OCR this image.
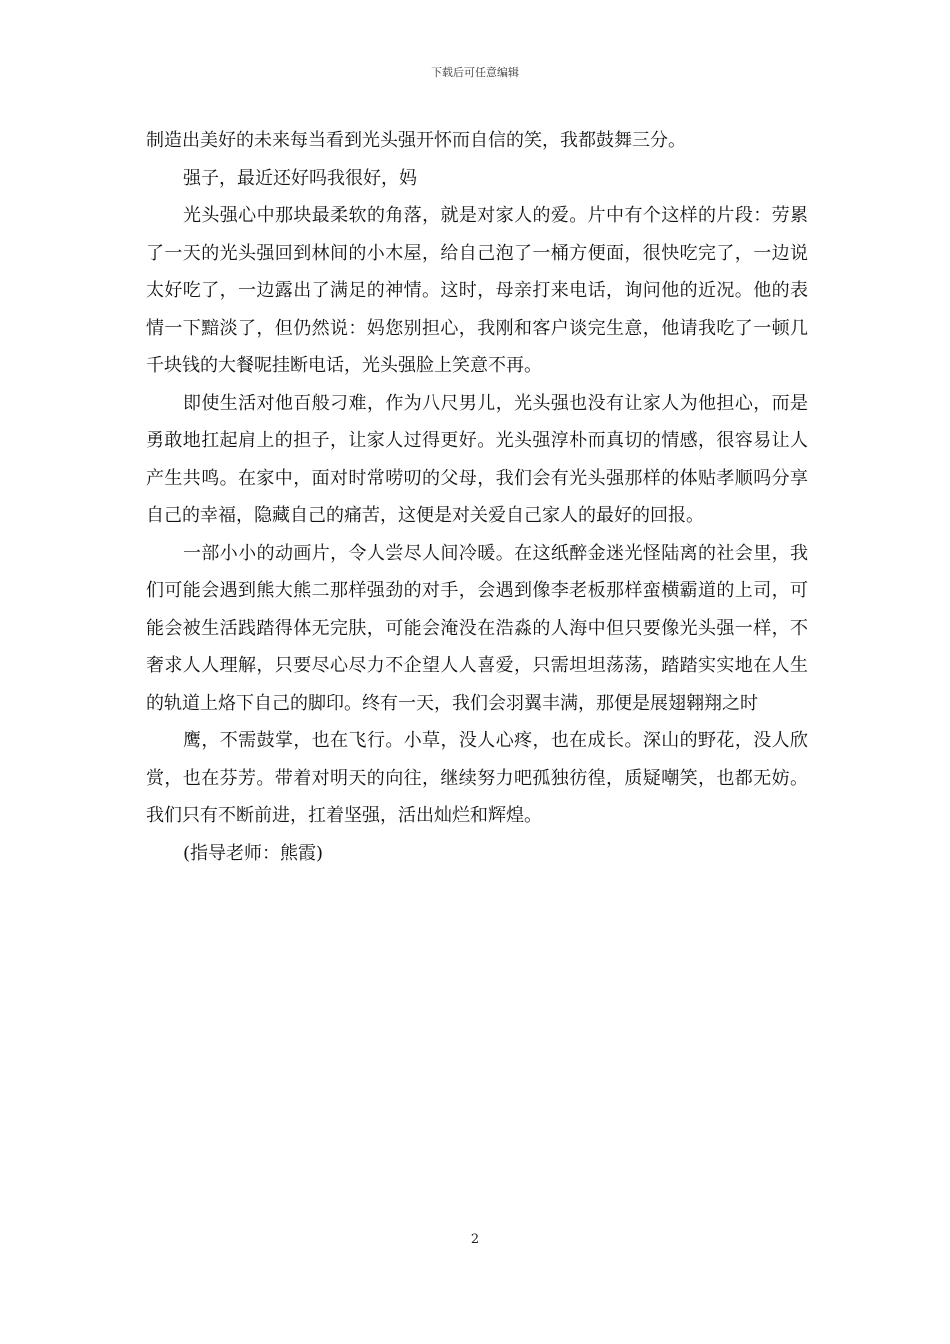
下载后可任意编辑

制造出美好的未来每当看到光头强开怀而自信的笑，我都鼓舞三分。

强子，最近还好吗我很好，妈

光头强心中那块最柔软的角落，就是对家人的爱。片中有个这样的片段：劳累了一天的光头强回到林间的小木屋，给自己泡了一桶方便面，很快吃完了，一边说太好吃了，一边露出了满足的神情。这时，母亲打来电话，询问他的近况。他的表情一下黯淡了，但仍然说：妈您别担心，我刚和客户谈完生意，他请我吃了一顿几千块钱的大餐呢挂断电话，光头强脸上笑意不再。

即使生活对他百般刁难，作为八尺男儿，光头强也没有让家人为他担心，而是勇敢地扛起肩上的担子，让家人过得更好。光头强淳朴而真切的情感，很容易让人产生共鸣。在家中，面对时常唠叨的父母，我们会有光头强那样的体贴孝顺吗分享自己的幸福，隐藏自己的痛苦，这便是对关爱自己家人的最好的回报。

一部小小的动画片，令人尝尽人间冷暖。在这纸醉金迷光怪陆离的社会里，我们可能会遇到熊大熊二那样强劲的对手，会遇到像李老板那样蛮横霸道的上司，可能会被生活践踏得体无完肤，可能会淹没在浩淼的人海中但只要像光头强一样，不奢求人人理解，只要尽心尽力不企望人人喜爱，只需坦坦荡荡，踏踏实实地在人生的轨道上烙下自己的脚印。终有一天，我们会羽翼丰满，那便是展翅翱翔之时

鹰，不需鼓掌，也在飞行。小草，没人心疼，也在成长。深山的野花，没人欣赏，也在芬芳。带着对明天的向往，继续努力吧孤独彷徨，质疑嘲笑，也都无妨。我们只有不断前进，扛着坚强，活出灿烂和辉煌。

(指导老师：熊霞)

2
